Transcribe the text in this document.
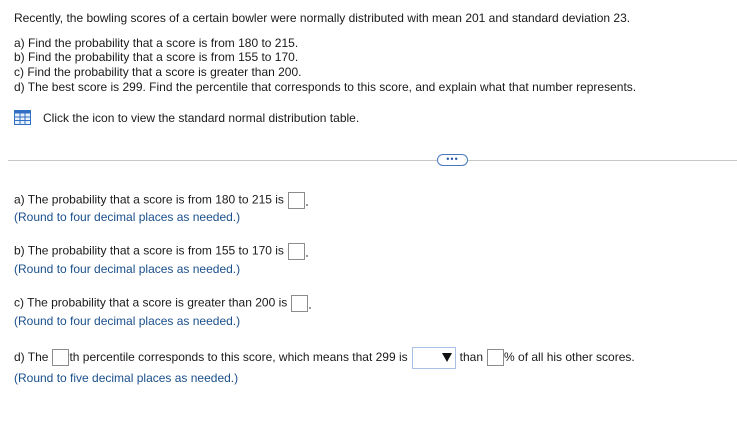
Recently, the bowling scores of a certain bowler were normally distributed with mean 201 and standard deviation 23.
a) Find the probability that a score is from 180 to 215.
b) Find the probability that a score is from 155 to 170.
c) Find the probability that a score is greater than 200.
d) The best score is 299. Find the percentile that corresponds to this score, and explain what that number represents.
Click the icon to view the standard normal distribution table.
•••
a) The probability that a score is from 180 to 215 is
(Round to four decimal places as needed.)
b) The probability that a score is from 155 to 170 is
(Round to four decimal places as needed.)
c) The probability that a score is greater than 200 is
(Round to four decimal places as needed.)
d) The th percentile corresponds to this score, which means that 299 is	than % of all his other scores.
(Round to five decimal places as needed.)
